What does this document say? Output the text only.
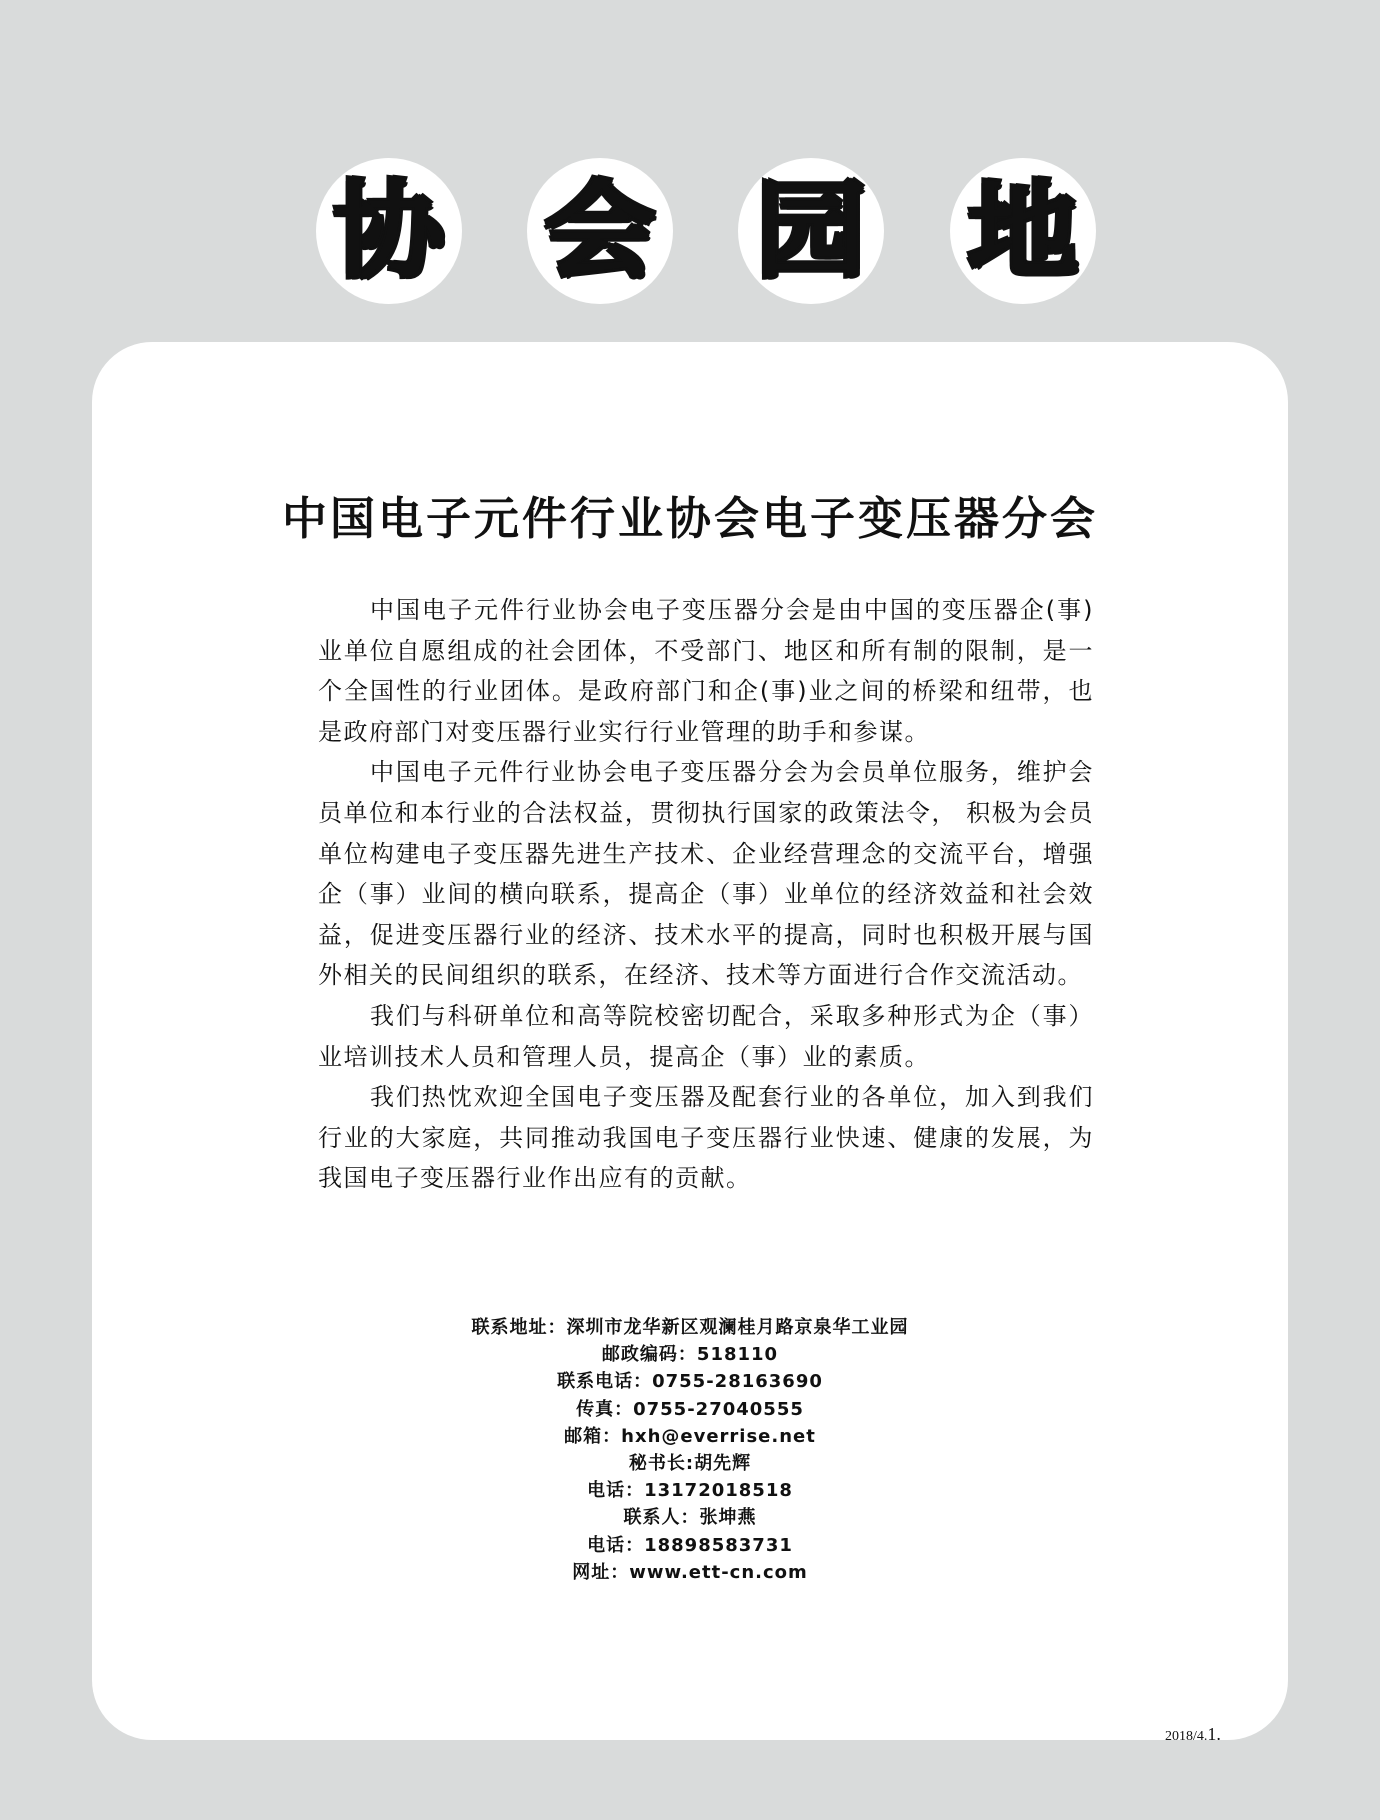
协 会 园 地
中国电子元件行业协会电子变压器分会

中国电子元件行业协会电子变压器分会是由中国的变压器企(事)业单位自愿组成的社会团体，不受部门、地区和所有制的限制，是一个全国性的行业团体。是政府部门和企(事)业之间的桥梁和纽带，也是政府部门对变压器行业实行行业管理的助手和参谋。

中国电子元件行业协会电子变压器分会为会员单位服务，维护会员单位和本行业的合法权益，贯彻执行国家的政策法令， 积极为会员单位构建电子变压器先进生产技术、企业经营理念的交流平台，增强企（事）业间的横向联系，提高企（事）业单位的经济效益和社会效益，促进变压器行业的经济、技术水平的提高，同时也积极开展与国外相关的民间组织的联系，在经济、技术等方面进行合作交流活动。

我们与科研单位和高等院校密切配合，采取多种形式为企（事）业培训技术人员和管理人员，提高企（事）业的素质。

我们热忱欢迎全国电子变压器及配套行业的各单位，加入到我们行业的大家庭，共同推动我国电子变压器行业快速、健康的发展，为我国电子变压器行业作出应有的贡献。

联系地址：深圳市龙华新区观澜桂月路京泉华工业园
邮政编码：518110
联系电话：0755-28163690
传真：0755-27040555
邮箱：hxh@everrise.net
秘书长:胡先辉
电话：13172018518
联系人：张坤燕
电话：18898583731
网址：www.ett-cn.com
2018/4.1.
